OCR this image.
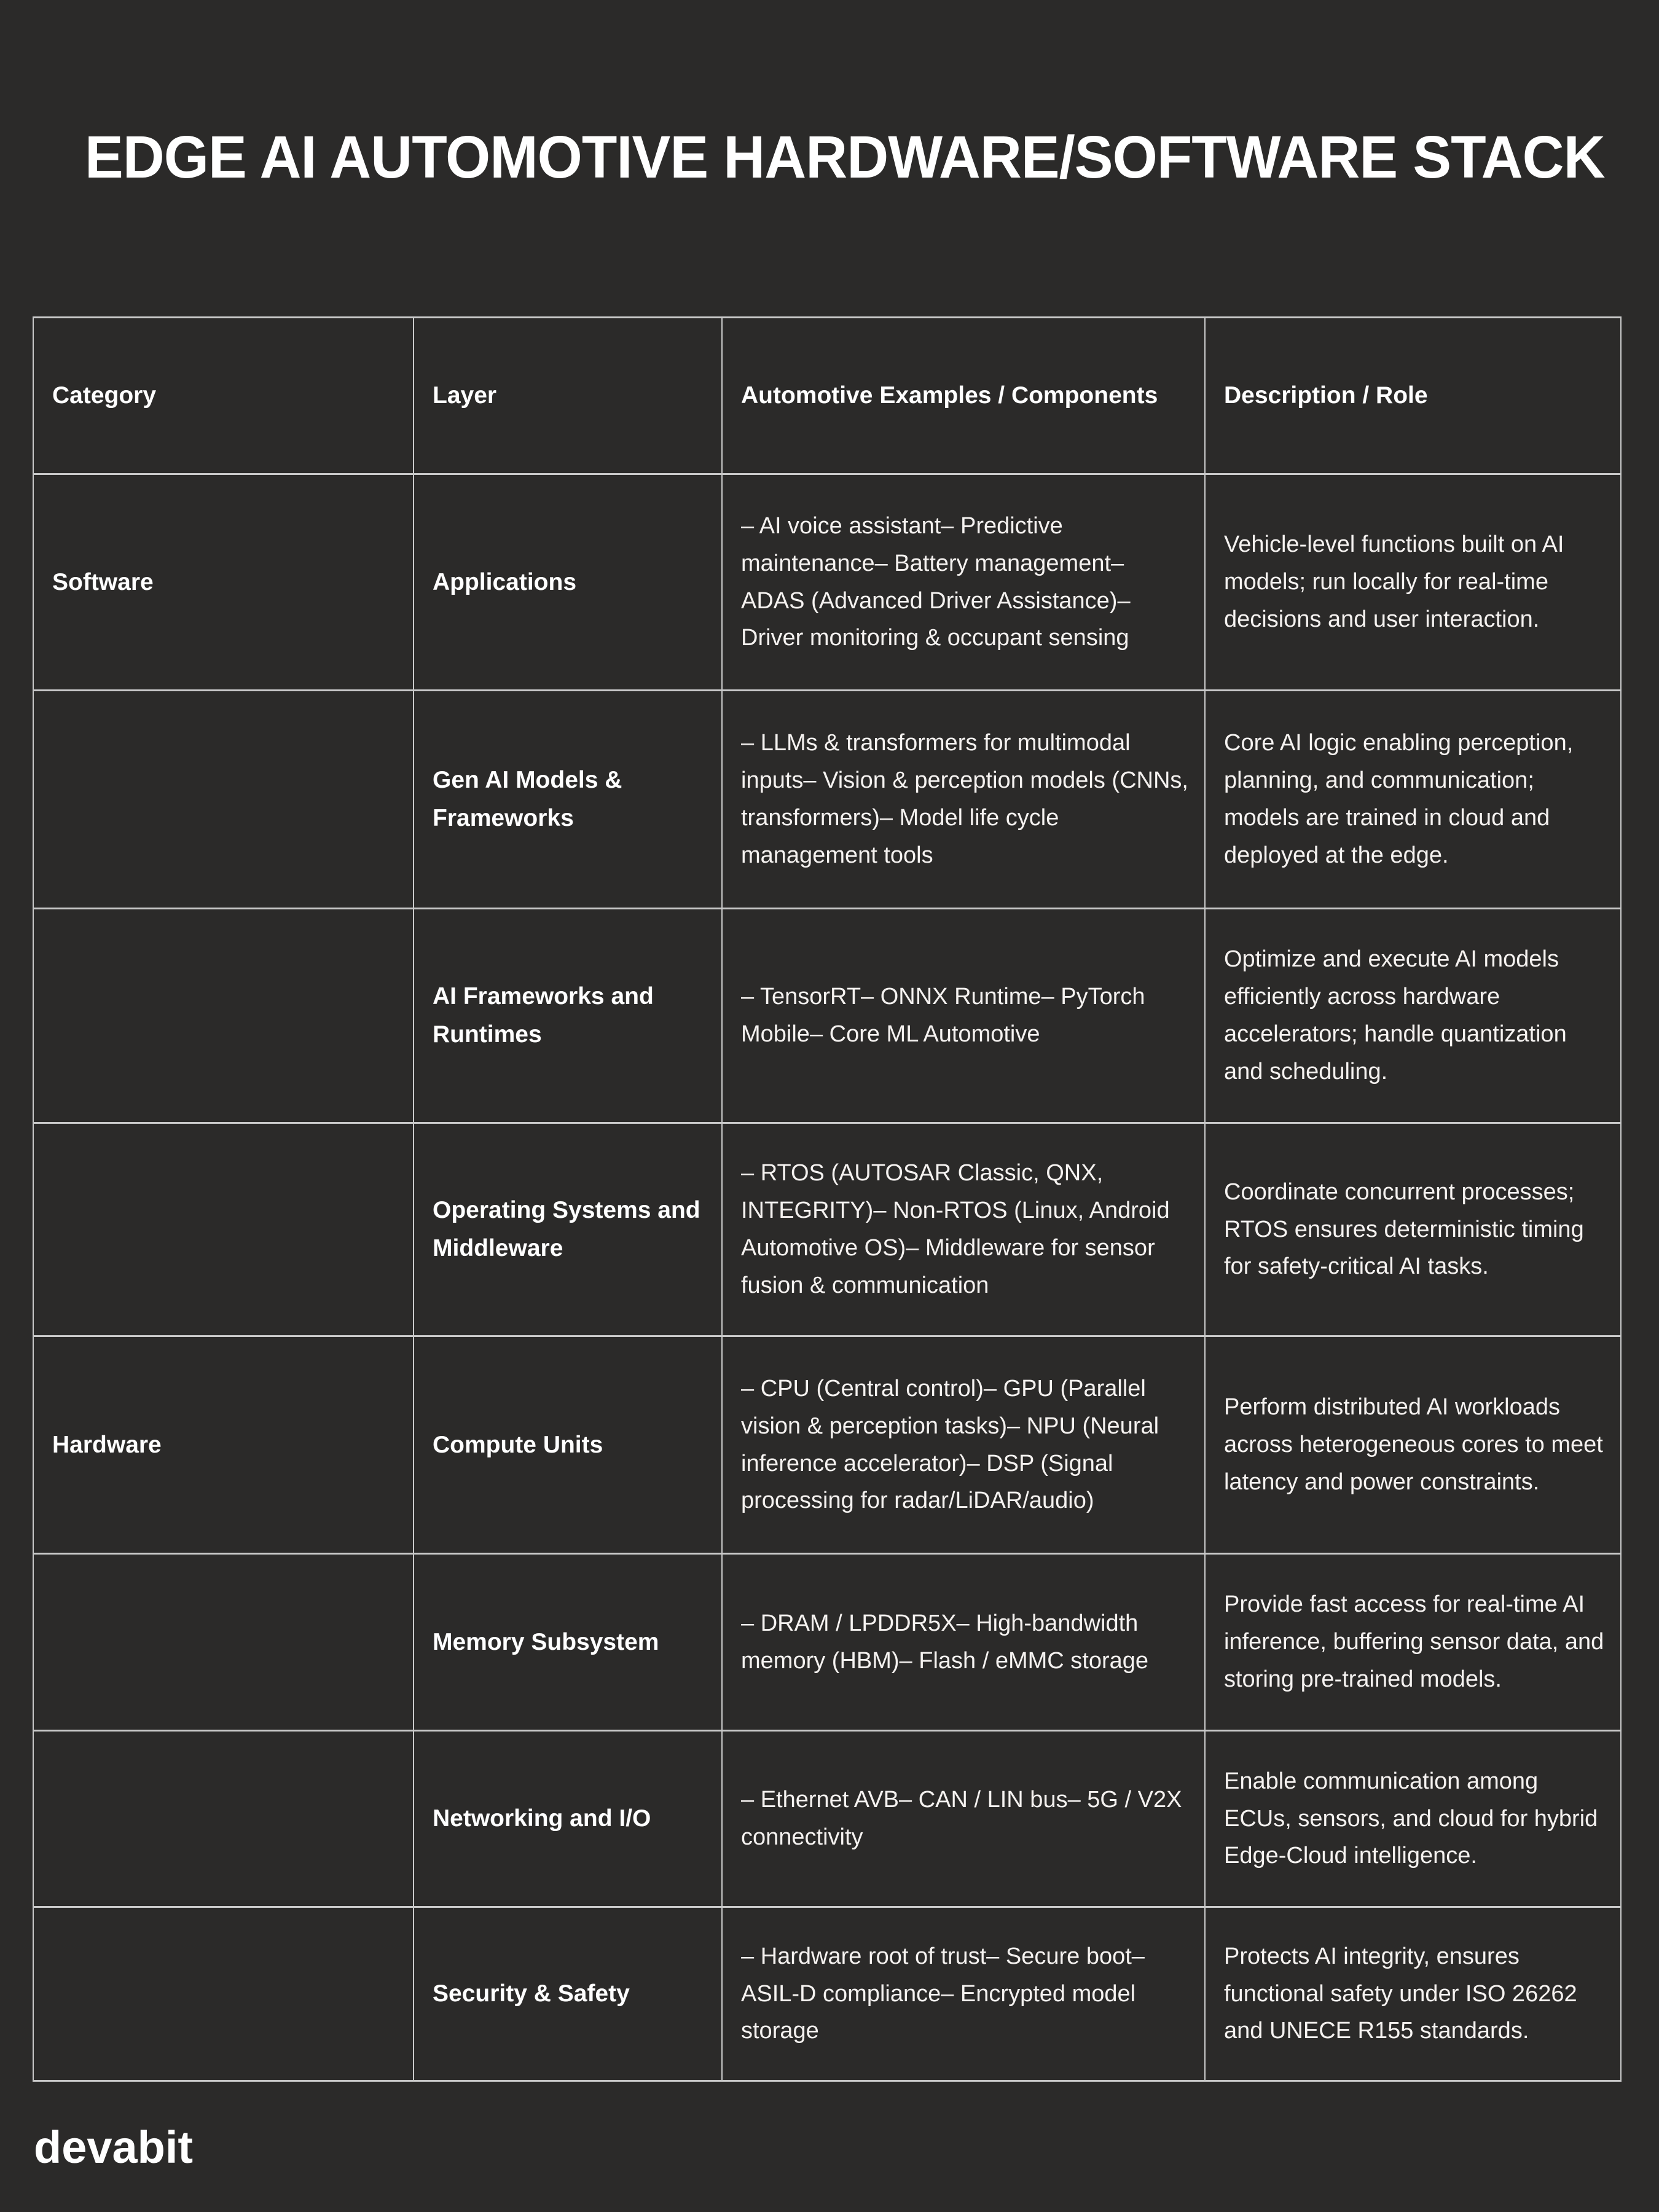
EDGE AI AUTOMOTIVE HARDWARE/SOFTWARE STACK
Category	Layer	Automotive Examples / Components	Description / Role
Software	Applications	– AI voice assistant– Predictive maintenance– Battery management– ADAS (Advanced Driver Assistance)– Driver monitoring & occupant sensing	Vehicle-level functions built on AI models; run locally for real-time decisions and user interaction.
	Gen AI Models & Frameworks	– LLMs & transformers for multimodal inputs– Vision & perception models (CNNs, transformers)– Model life cycle management tools	Core AI logic enabling perception, planning, and communication; models are trained in cloud and deployed at the edge.
	AI Frameworks and Runtimes	– TensorRT– ONNX Runtime– PyTorch Mobile– Core ML Automotive	Optimize and execute AI models efficiently across hardware accelerators; handle quantization and scheduling.
	Operating Systems and Middleware	– RTOS (AUTOSAR Classic, QNX, INTEGRITY)– Non-RTOS (Linux, Android Automotive OS)– Middleware for sensor fusion & communication	Coordinate concurrent processes; RTOS ensures deterministic timing for safety-critical AI tasks.
Hardware	Compute Units	– CPU (Central control)– GPU (Parallel vision & perception tasks)– NPU (Neural inference accelerator)– DSP (Signal processing for radar/LiDAR/audio)	Perform distributed AI workloads across heterogeneous cores to meet latency and power constraints.
	Memory Subsystem	– DRAM / LPDDR5X– High-bandwidth memory (HBM)– Flash / eMMC storage	Provide fast access for real-time AI inference, buffering sensor data, and storing pre-trained models.
	Networking and I/O	– Ethernet AVB– CAN / LIN bus– 5G / V2X connectivity	Enable communication among ECUs, sensors, and cloud for hybrid Edge-Cloud intelligence.
	Security & Safety	– Hardware root of trust– Secure boot– ASIL-D compliance– Encrypted model storage	Protects AI integrity, ensures functional safety under ISO 26262 and UNECE R155 standards.
devabit
